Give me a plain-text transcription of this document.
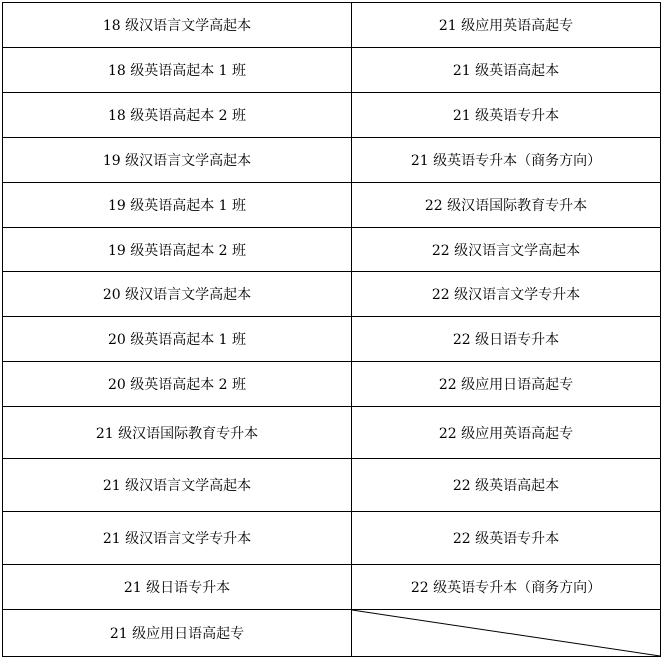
18 级汉语言文学高起本	21 级应用英语高起专
18 级英语高起本 1 班	21 级英语高起本
18 级英语高起本 2 班	21 级英语专升本
19 级汉语言文学高起本	21 级英语专升本（商务方向）
19 级英语高起本 1 班	22 级汉语国际教育专升本
19 级英语高起本 2 班	22 级汉语言文学高起本
20 级汉语言文学高起本	22 级汉语言文学专升本
20 级英语高起本 1 班	22 级日语专升本
20 级英语高起本 2 班	22 级应用日语高起专
21 级汉语国际教育专升本	22 级应用英语高起专
21 级汉语言文学高起本	22 级英语高起本
21 级汉语言文学专升本	22 级英语专升本
21 级日语专升本	22 级英语专升本（商务方向）
21 级应用日语高起专	
